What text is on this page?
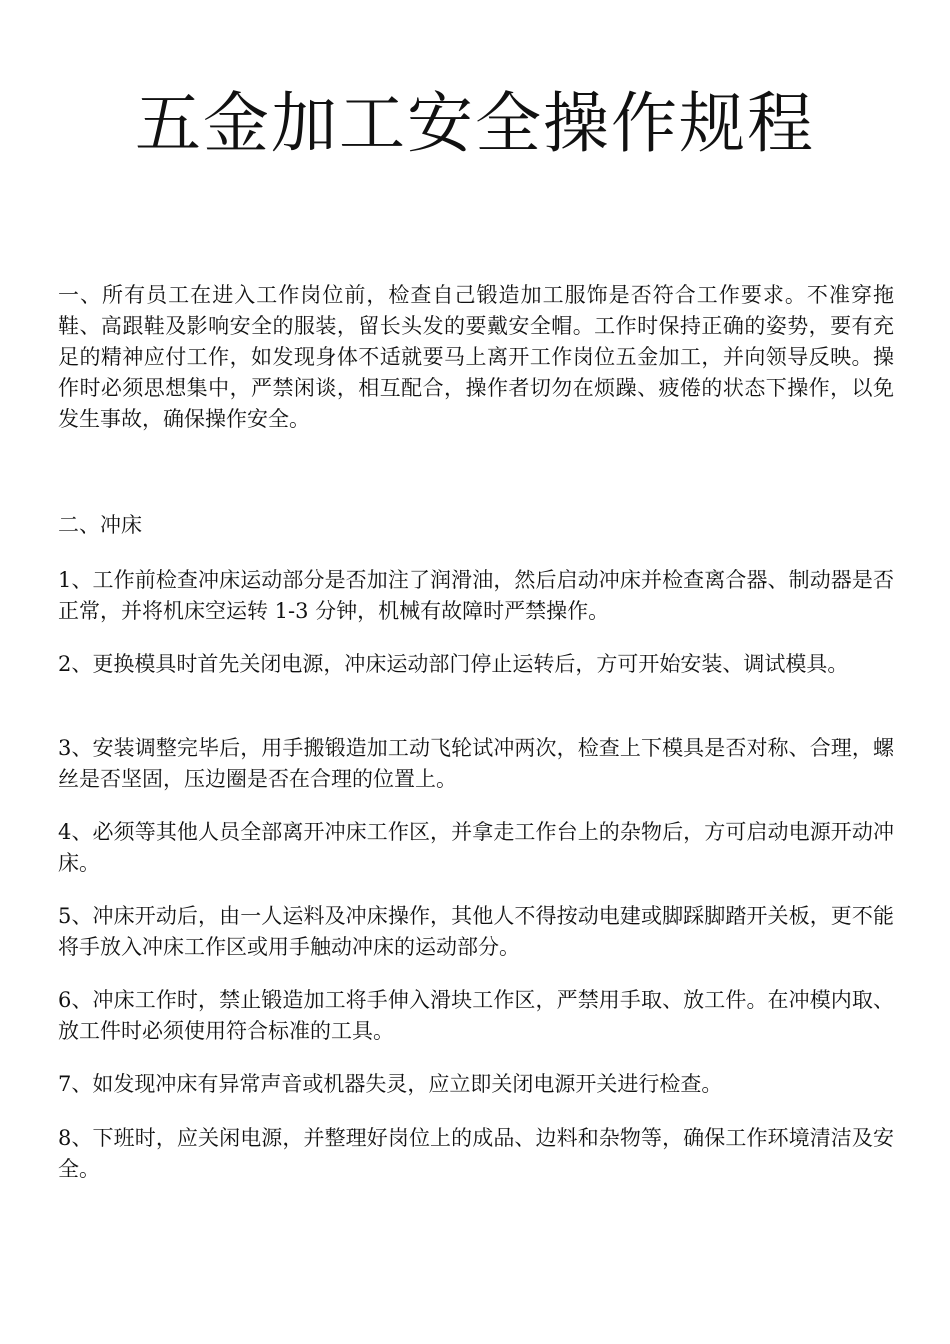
五金加工安全操作规程

一、所有员工在进入工作岗位前，检查自己锻造加工服饰是否符合工作要求。不准穿拖鞋、高跟鞋及影响安全的服装，留长头发的要戴安全帽。工作时保持正确的姿势，要有充足的精神应付工作，如发现身体不适就要马上离开工作岗位五金加工，并向领导反映。操作时必须思想集中，严禁闲谈，相互配合，操作者切勿在烦躁、疲倦的状态下操作，以免发生事故，确保操作安全。

二、冲床

1、工作前检查冲床运动部分是否加注了润滑油，然后启动冲床并检查离合器、制动器是否正常，并将机床空运转 1-3 分钟，机械有故障时严禁操作。

2、更换模具时首先关闭电源，冲床运动部门停止运转后，方可开始安装、调试模具。

3、安装调整完毕后，用手搬锻造加工动飞轮试冲两次，检查上下模具是否对称、合理，螺丝是否坚固，压边圈是否在合理的位置上。

4、必须等其他人员全部离开冲床工作区，并拿走工作台上的杂物后，方可启动电源开动冲床。

5、冲床开动后，由一人运料及冲床操作，其他人不得按动电建或脚踩脚踏开关板，更不能将手放入冲床工作区或用手触动冲床的运动部分。

6、冲床工作时，禁止锻造加工将手伸入滑块工作区，严禁用手取、放工件。在冲模内取、放工件时必须使用符合标准的工具。

7、如发现冲床有异常声音或机器失灵，应立即关闭电源开关进行检查。

8、下班时，应关闲电源，并整理好岗位上的成品、边料和杂物等，确保工作环境清洁及安全。
